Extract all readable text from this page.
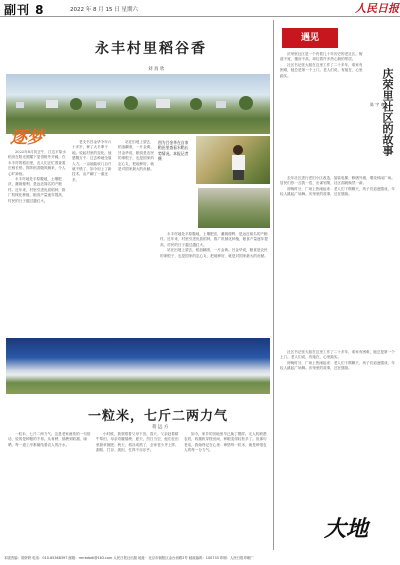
副刊 8	2022 年 8 月 15 日 星期六	人民日报
永丰村里稻谷香
刘 真 欣
逐梦

2022年8月初正午，江边平原水稻田在阳光照耀下显得格外开阔。在永丰村的稻田里，农人们正忙着查看庄稼长势。阵阵稻香随风飘来，令人心旷神怡。

永丰村地处平原腹地，土壤肥沃，灌溉便利，是远近闻名的产粮村。近年来，村里引进优质稻种，推广机械化种植，粮食产量逐年提高，村民的日子越过越红火。

老支书吕金华今年六十多岁，种了大半辈子地。说起村里的变化，他感慨万千：过去种地全靠人力，一亩地能收几百斤就不错了，如今用上了新技术，亩产翻了一番还多。

站在田埂上望去，稻浪翻滚，一片金黄。吕金华说，粮食是农民的命根子，也是国家的定心丸，把地种好，就是对国家最大的贡献。

图为吕金华在自家稻田里查看水稻长势情况。本报记者 摄

永丰村地处平原腹地，土壤肥沃，灌溉便利，是远近闻名的产粮村。近年来，村里引进优质稻种，推广机械化种植，粮食产量逐年提高，村民的日子越过越红火。

站在田埂上望去，稻浪翻滚，一片金黄。吕金华说，粮食是农民的命根子，也是国家的定心丸，把地种好，就是对国家最大的贡献。

一粒米，七斤二两力气
蒋 远 方

一粒米，七斤二两力气。这是老家流传的一句俗话，说的是种粮的不易。从育秧、插秧到收割、晾晒，每一道工序都凝结着农人的汗水。

小时候，我常跟着父母下田。春天，父亲赶着耕牛犁田，母亲弯腰插秧；夏天，烈日当空，他们在田里除草施肥；秋天，稻谷成熟了，全家老少齐上阵，割稻、打谷、挑担，忙得不亦乐乎。

如今，家乡的田地里早已换了模样。无人机喷洒农药，收割机穿梭田间，种粮变得轻松多了。但那句老话，我始终记在心里：珍惜每一粒米，就是珍惜农人的每一分力气。

遇见
庆荣里社区的故事
陈 宇 南

庆荣里社区是一个有着几十年历史的老社区。街道不宽，楼房不高，却住着许多热心肠的邻居。

社区书记张大姐在这里工作了二十多年，谁家有困难，她总是第一个上门。老人们说，有她在，心里踏实。

去年社区进行老旧小区改造，加装电梯、修缮外墙、增设休闲广场。居民们你一言我一语，出谋划策，社区面貌焕然一新。

傍晚时分，广场上热闹起来：老人们下棋聊天，孩子们追逐嬉戏，年轻人跳起广场舞。庆荣里的故事，还在继续。

社区书记张大姐在这里工作了二十多年，谁家有困难，她总是第一个上门。老人们说，有她在，心里踏实。

傍晚时分，广场上热闹起来：老人们下棋聊天，孩子们追逐嬉戏，年轻人跳起广场舞。庆荣里的故事，还在继续。

大地
本版责编：胡妍妍 电话：010-65368397 邮箱：rmrbdadi@163.com 人民日报社出版 地址：北京市朝阳区金台西路2号 邮政编码：100733 印刷：人民日报印刷厂
